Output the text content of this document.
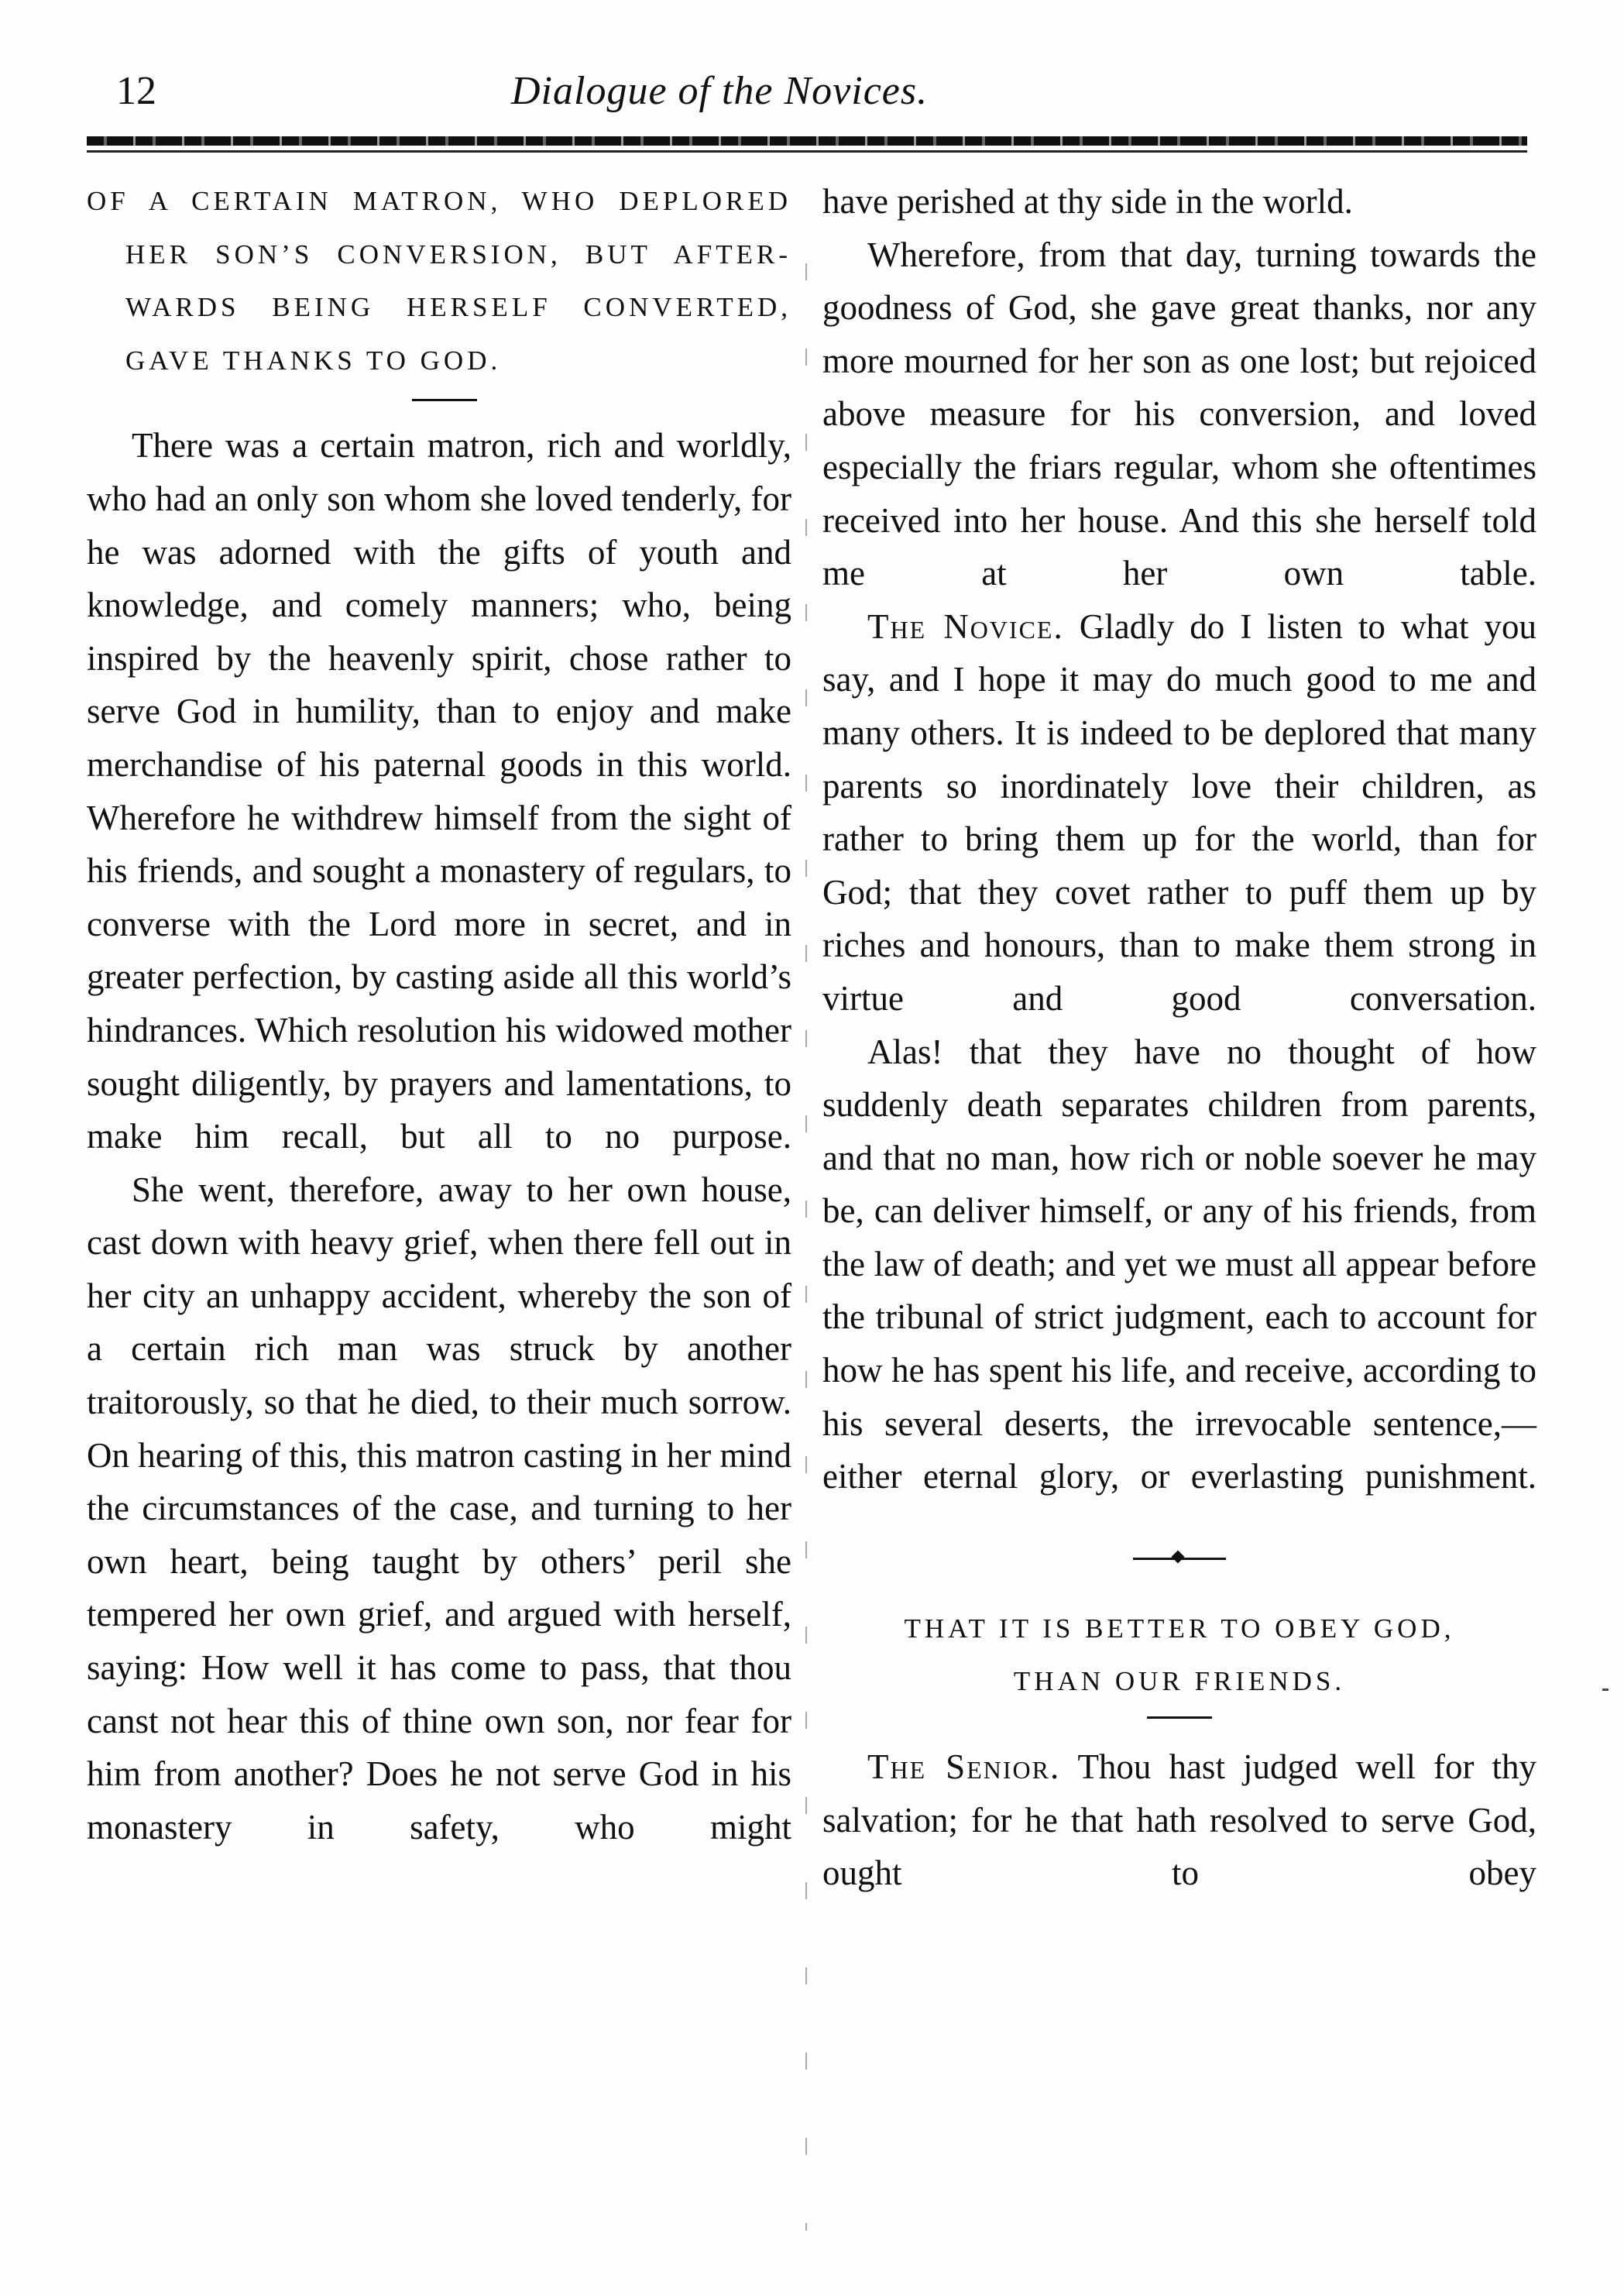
12	Dialogue of the Novices.
OF A CERTAIN MATRON, WHO DEPLORED
HER SON’S CONVERSION, BUT AFTER-
WARDS BEING HERSELF CONVERTED,
GAVE THANKS TO GOD.

There was a certain matron, rich and worldly, who had an only son whom she loved tenderly, for he was adorned with the gifts of youth and knowledge, and comely manners; who, being inspired by the heavenly spirit, chose rather to serve God in humility, than to enjoy and make merchandise of his paternal goods in this world. Wherefore he withdrew himself from the sight of his friends, and sought a monastery of regulars, to converse with the Lord more in secret, and in greater perfection, by casting aside all this world’s hindrances. Which resolution his widowed mother sought diligently, by prayers and lamentations, to make him recall, but all to no purpose.

She went, therefore, away to her own house, cast down with heavy grief, when there fell out in her city an unhappy accident, whereby the son of a certain rich man was struck by another traitorously, so that he died, to their much sorrow. On hearing of this, this matron casting in her mind the circumstances of the case, and turning to her own heart, being taught by others’ peril she tempered her own grief, and argued with herself, saying: How well it has come to pass, that thou canst not hear this of thine own son, nor fear for him from another? Does he not serve God in his monastery in safety, who might

have perished at thy side in the world.

Wherefore, from that day, turning towards the goodness of God, she gave great thanks, nor any more mourned for her son as one lost; but rejoiced above measure for his conversion, and loved especially the friars regular, whom she oftentimes received into her house. And this she herself told me at her own table.

The Novice. Gladly do I listen to what you say, and I hope it may do much good to me and many others. It is indeed to be deplored that many parents so inordinately love their children, as rather to bring them up for the world, than for God; that they covet rather to puff them up by riches and honours, than to make them strong in virtue and good conversation.

Alas! that they have no thought of how suddenly death separates children from parents, and that no man, how rich or noble soever he may be, can deliver himself, or any of his friends, from the law of death; and yet we must all appear before the tribunal of strict judgment, each to account for how he has spent his life, and receive, according to his several deserts, the irrevocable sentence,—either eternal glory, or everlasting punishment.

THAT IT IS BETTER TO OBEY GOD,
THAN OUR FRIENDS.

The Senior. Thou hast judged well for thy salvation; for he that hath resolved to serve God, ought to obey
